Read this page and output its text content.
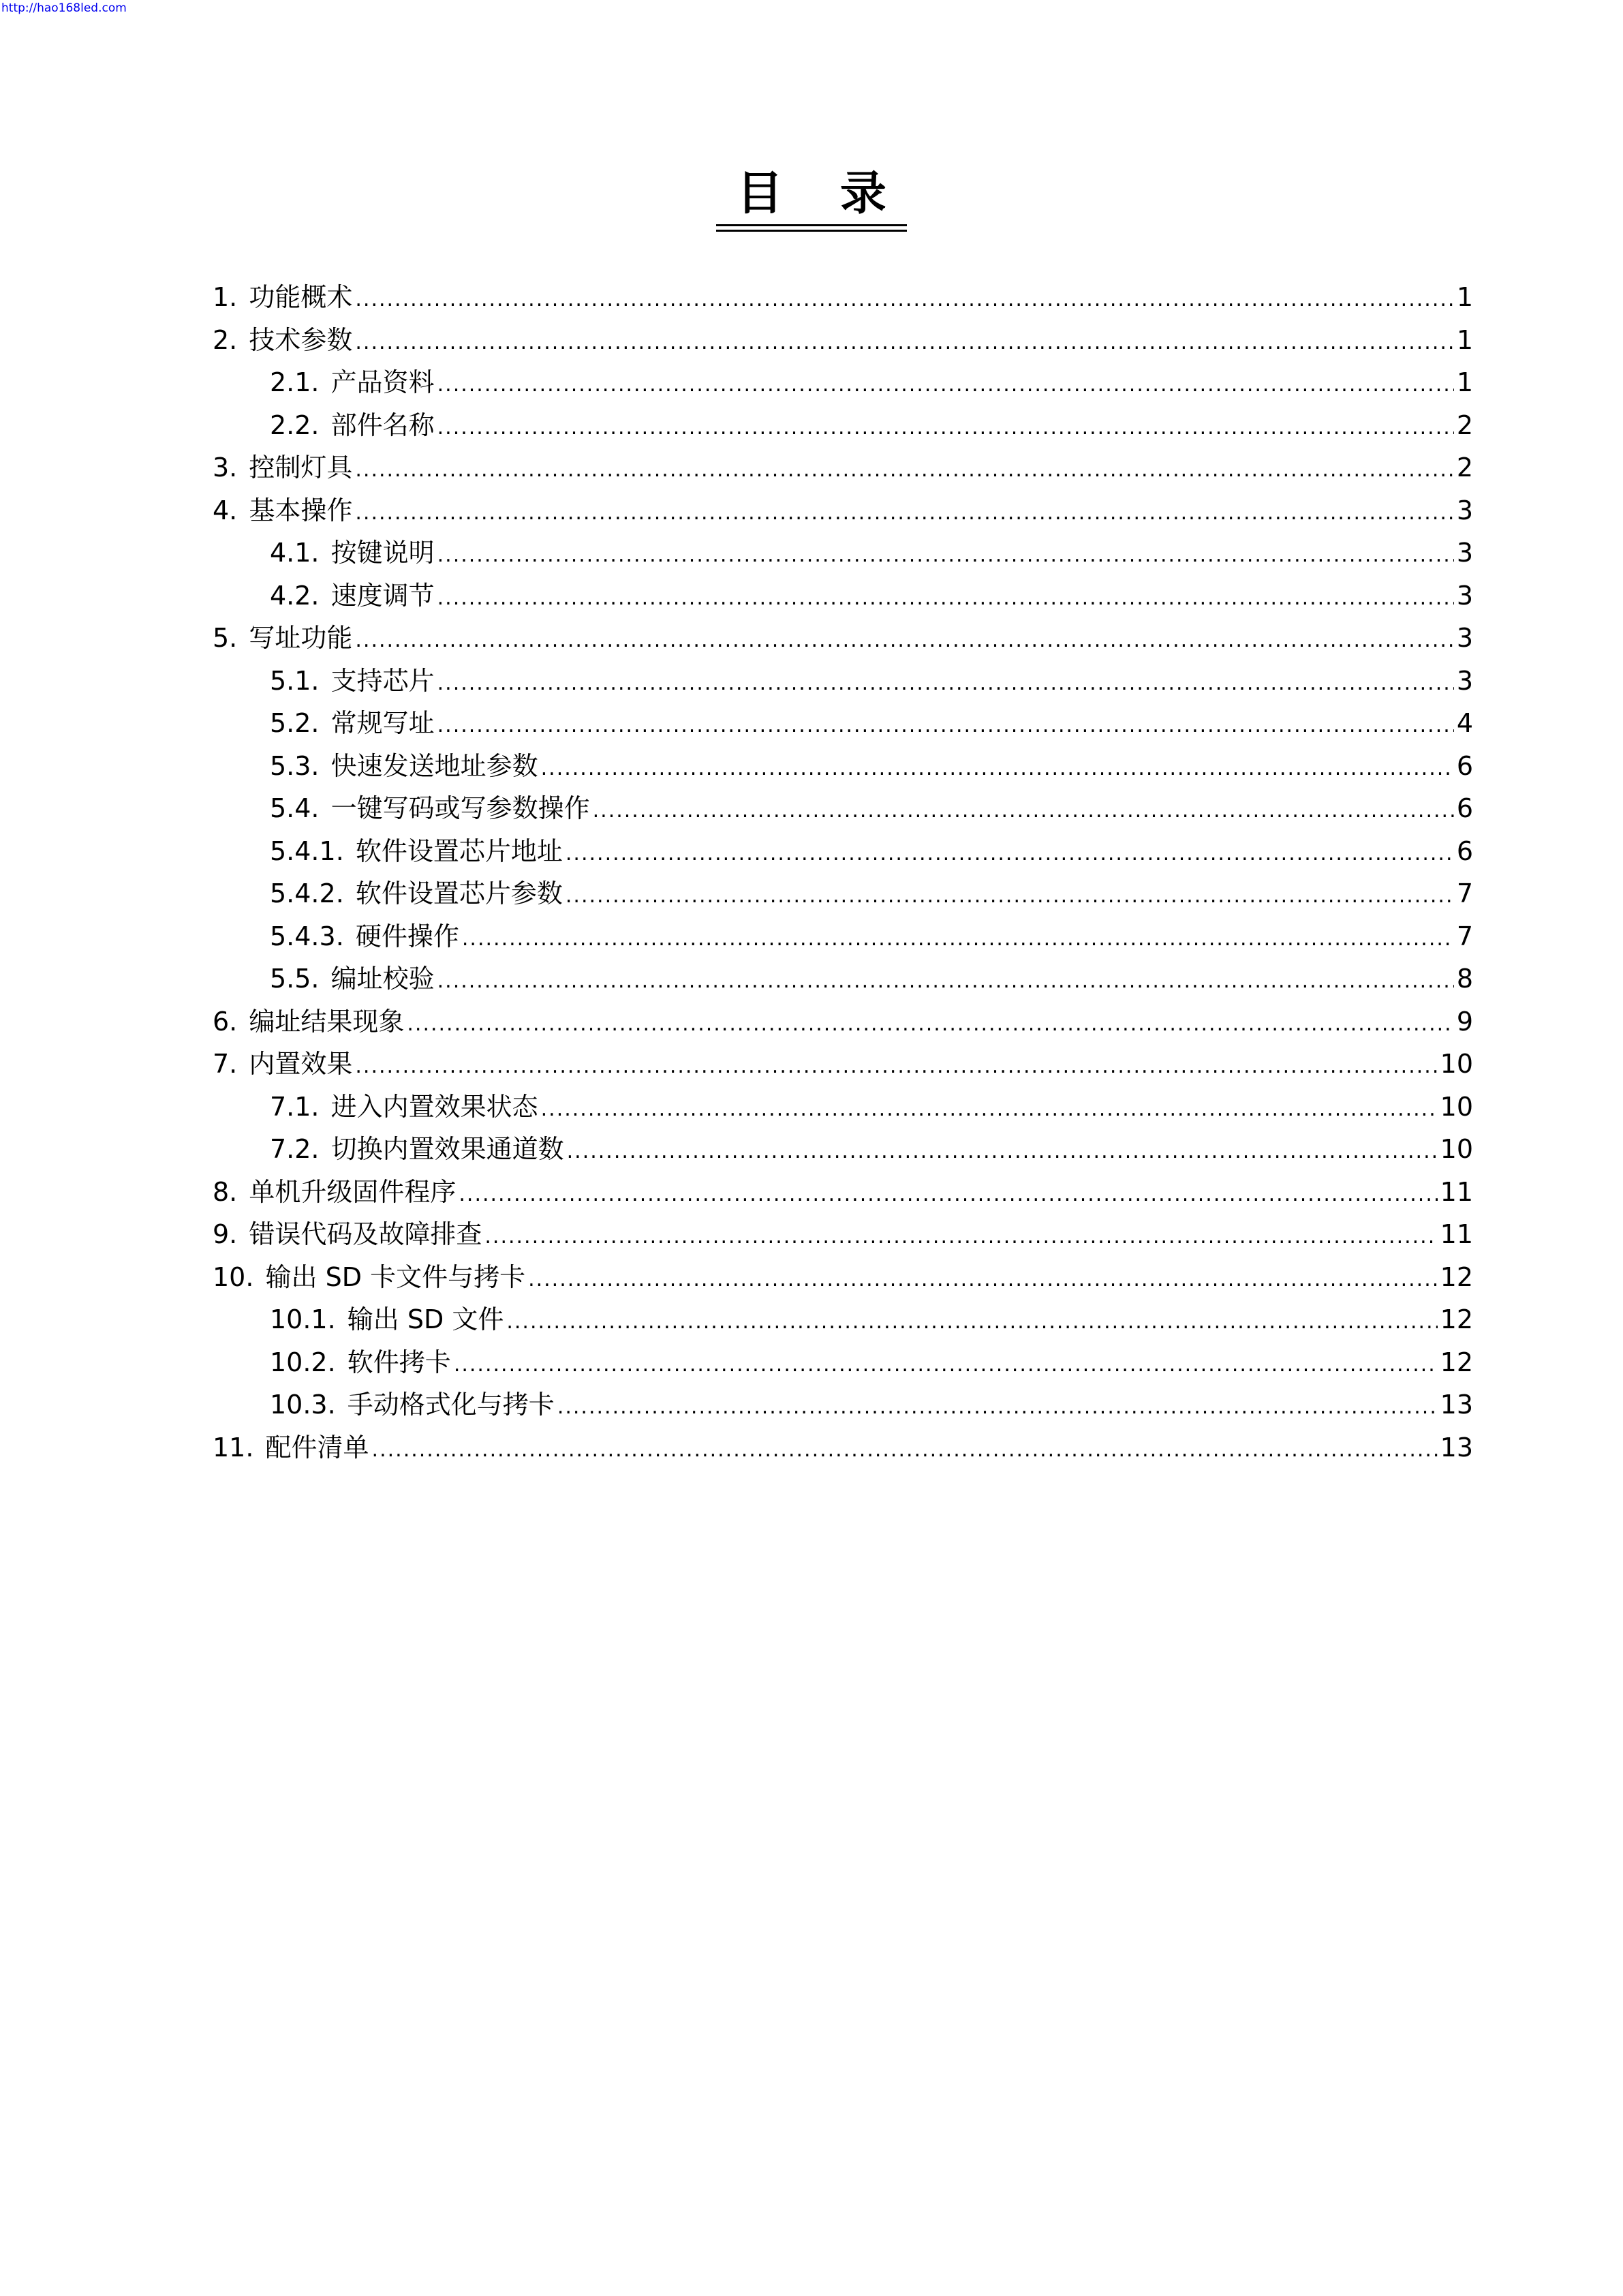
http://hao168led.com
目 录
1. 功能概术 .....	1
2. 技术参数 .....	1
2.1. 产品资料 .....	1
2.2. 部件名称 .....	2
3. 控制灯具 .....	2
4. 基本操作 .....	3
4.1. 按键说明 .....	3
4.2. 速度调节 .....	3
5. 写址功能 .....	3
5.1. 支持芯片 .....	3
5.2. 常规写址 .....	4
5.3. 快速发送地址参数 .....	6
5.4. 一键写码或写参数操作 .....	6
5.4.1. 软件设置芯片地址 .....	6
5.4.2. 软件设置芯片参数 .....	7
5.4.3. 硬件操作 .....	7
5.5. 编址校验 .....	8
6. 编址结果现象 .....	9
7. 内置效果 .....	10
7.1. 进入内置效果状态 .....	10
7.2. 切换内置效果通道数 .....	10
8. 单机升级固件程序 .....	11
9. 错误代码及故障排查 .....	11
10. 输出 SD 卡文件与拷卡 .....	12
10.1. 输出 SD 文件 .....	12
10.2. 软件拷卡 .....	12
10.3. 手动格式化与拷卡 .....	13
11. 配件清单 .....	13
